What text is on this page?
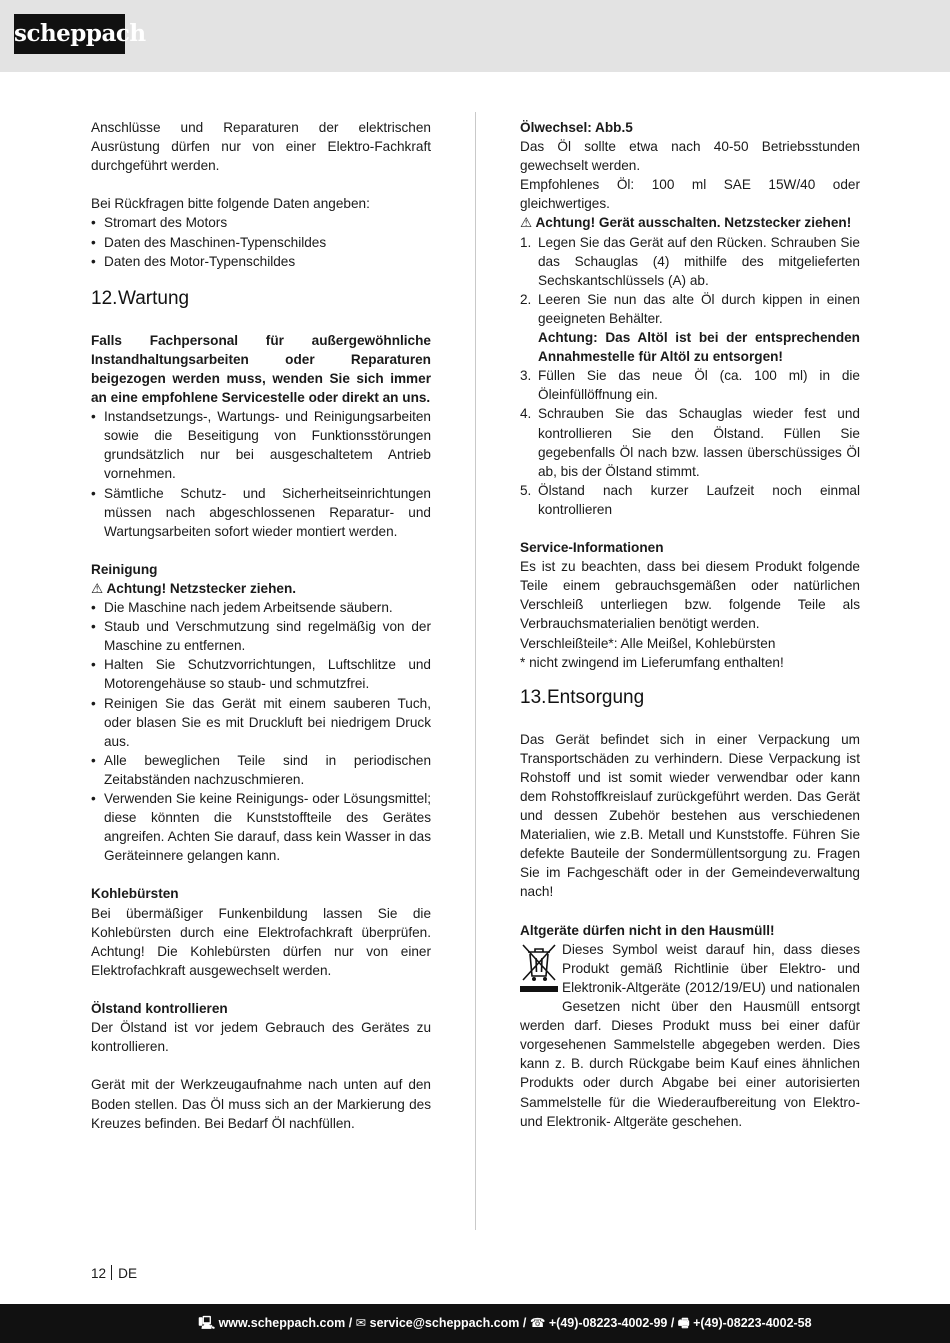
scheppach

Anschlüsse und Reparaturen der elektrischen Ausrüstung dürfen nur von einer Elektro-Fachkraft durchgeführt werden.

Bei Rückfragen bitte folgende Daten angeben:

• Stromart des Motors
• Daten des Maschinen-Typenschildes
• Daten des Motor-Typenschildes
12.Wartung

Falls Fachpersonal für außergewöhnliche Instandhaltungsarbeiten oder Reparaturen beigezogen werden muss, wenden Sie sich immer an eine empfohlene Servicestelle oder direkt an uns.

• Instandsetzungs-, Wartungs- und Reinigungsarbeiten sowie die Beseitigung von Funktionsstörungen grundsätzlich nur bei ausgeschaltetem Antrieb vornehmen.
• Sämtliche Schutz- und Sicherheitseinrichtungen müssen nach abgeschlossenen Reparatur- und Wartungsarbeiten sofort wieder montiert werden.

Reinigung

⚠ Achtung! Netzstecker ziehen.

• Die Maschine nach jedem Arbeitsende säubern.
• Staub und Verschmutzung sind regelmäßig von der Maschine zu entfernen.
• Halten Sie Schutzvorrichtungen, Luftschlitze und Motorengehäuse so staub- und schmutzfrei.
• Reinigen Sie das Gerät mit einem sauberen Tuch, oder blasen Sie es mit Druckluft bei niedrigem Druck aus.
• Alle beweglichen Teile sind in periodischen Zeitabständen nachzuschmieren.
• Verwenden Sie keine Reinigungs- oder Lösungsmittel; diese könnten die Kunststoffteile des Gerätes angreifen. Achten Sie darauf, dass kein Wasser in das Geräteinnere gelangen kann.

Kohlebürsten

Bei übermäßiger Funkenbildung lassen Sie die Kohlebürsten durch eine Elektrofachkraft überprüfen. Achtung! Die Kohlebürsten dürfen nur von einer Elektrofachkraft ausgewechselt werden.

Ölstand kontrollieren

Der Ölstand ist vor jedem Gebrauch des Gerätes zu kontrollieren.

Gerät mit der Werkzeugaufnahme nach unten auf den Boden stellen. Das Öl muss sich an der Markierung des Kreuzes befinden. Bei Bedarf Öl nachfüllen.

Ölwechsel: Abb.5

Das Öl sollte etwa nach 40-50 Betriebsstunden gewechselt werden.

Empfohlenes Öl: 100 ml SAE 15W/40 oder gleichwertiges.

⚠ Achtung! Gerät ausschalten. Netzstecker ziehen!

1. Legen Sie das Gerät auf den Rücken. Schrauben Sie das Schauglas (4) mithilfe des mitgelieferten Sechskantschlüssels (A) ab.
2. Leeren Sie nun das alte Öl durch kippen in einen geeigneten Behälter.
Achtung: Das Altöl ist bei der entsprechenden Annahmestelle für Altöl zu entsorgen!
3. Füllen Sie das neue Öl (ca. 100 ml) in die Öleinfüllöffnung ein.
4. Schrauben Sie das Schauglas wieder fest und kontrollieren Sie den Ölstand. Füllen Sie gegebenfalls Öl nach bzw. lassen überschüssiges Öl ab, bis der Ölstand stimmt.
5. Ölstand nach kurzer Laufzeit noch einmal kontrollieren

Service-Informationen

Es ist zu beachten, dass bei diesem Produkt folgende Teile einem gebrauchsgemäßen oder natürlichen Verschleiß unterliegen bzw. folgende Teile als Verbrauchsmaterialien benötigt werden.

Verschleißteile*: Alle Meißel, Kohlebürsten

* nicht zwingend im Lieferumfang enthalten!

13.Entsorgung

Das Gerät befindet sich in einer Verpackung um Transportschäden zu verhindern. Diese Verpackung ist Rohstoff und ist somit wieder verwendbar oder kann dem Rohstoffkreislauf zurückgeführt werden. Das Gerät und dessen Zubehör bestehen aus verschiedenen Materialien, wie z.B. Metall und Kunststoffe. Führen Sie defekte Bauteile der Sondermüllentsorgung zu. Fragen Sie im Fachgeschäft oder in der Gemeindeverwaltung nach!

Altgeräte dürfen nicht in den Hausmüll!

Dieses Symbol weist darauf hin, dass dieses Produkt gemäß Richtlinie über Elektro- und Elektronik-Altgeräte (2012/19/EU) und nationalen Gesetzen nicht über den Hausmüll entsorgt werden darf. Dieses Produkt muss bei einer dafür vorgesehenen Sammelstelle abgegeben werden. Dies kann z. B. durch Rückgabe beim Kauf eines ähnlichen Produkts oder durch Abgabe bei einer autorisierten Sammelstelle für die Wiederaufbereitung von Elektro- und Elektronik- Altgeräte geschehen.

12 DE
🖳 www.scheppach.com / ✉ service@scheppach.com / ☎ +(49)-08223-4002-99 / 🖷 +(49)-08223-4002-58
